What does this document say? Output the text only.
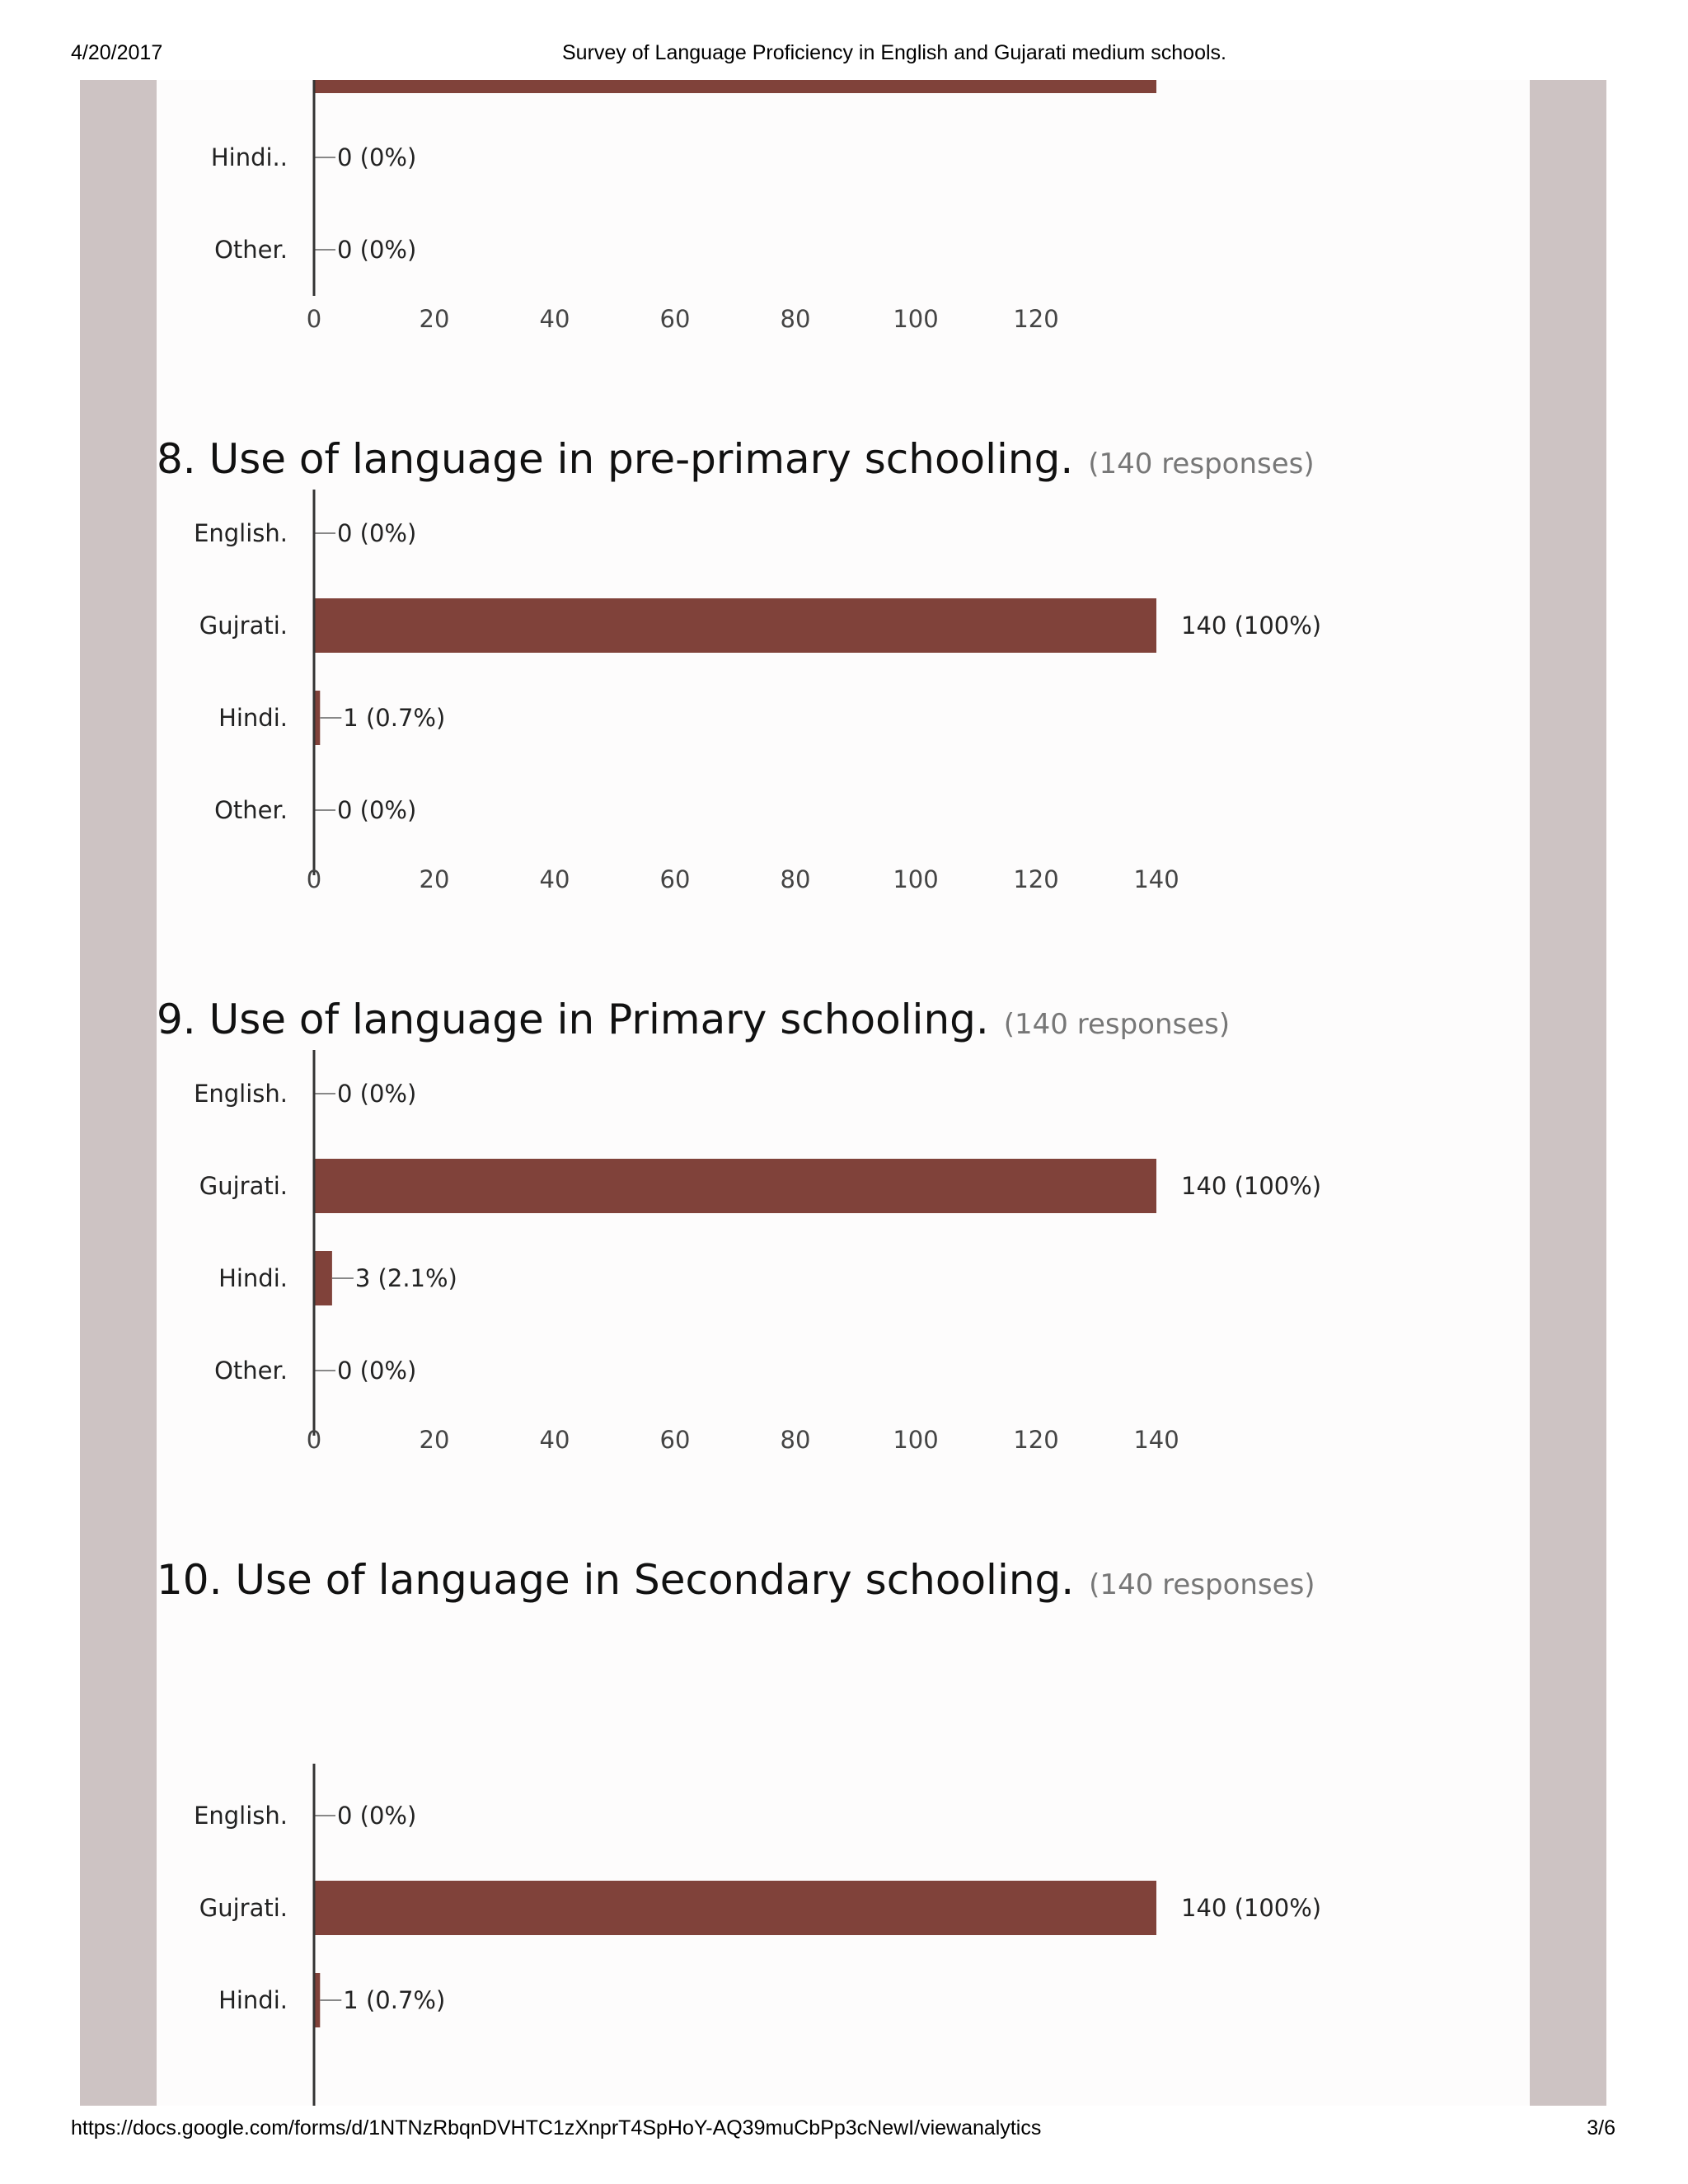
4/20/2017	Survey of Language Proficiency in English and Gujarati medium schools.
Hindi.. 0 (0%)
Other. 0 (0%)
0	20	40	60	80	100	120
8. Use of language in pre-primary schooling. (140 responses)
English. 0 (0%)
Gujrati.	140 (100%)
Hindi. 1 (0.7%)
Other. 0 (0%)
0	20	40	60	80	100	120	140
9. Use of language in Primary schooling. (140 responses)
English. 0 (0%)
Gujrati.	140 (100%)
Hindi.	3 (2.1%)
Other. 0 (0%)
0	20	40	60	80	100	120	140
10. Use of language in Secondary schooling. (140 responses)
English. 0 (0%)
Gujrati.	140 (100%)
Hindi. 1 (0.7%)
https://docs.google.com/forms/d/1NTNzRbqnDVHTC1zXnprT4SpHoY-AQ39muCbPp3cNewI/viewanalytics	3/6
